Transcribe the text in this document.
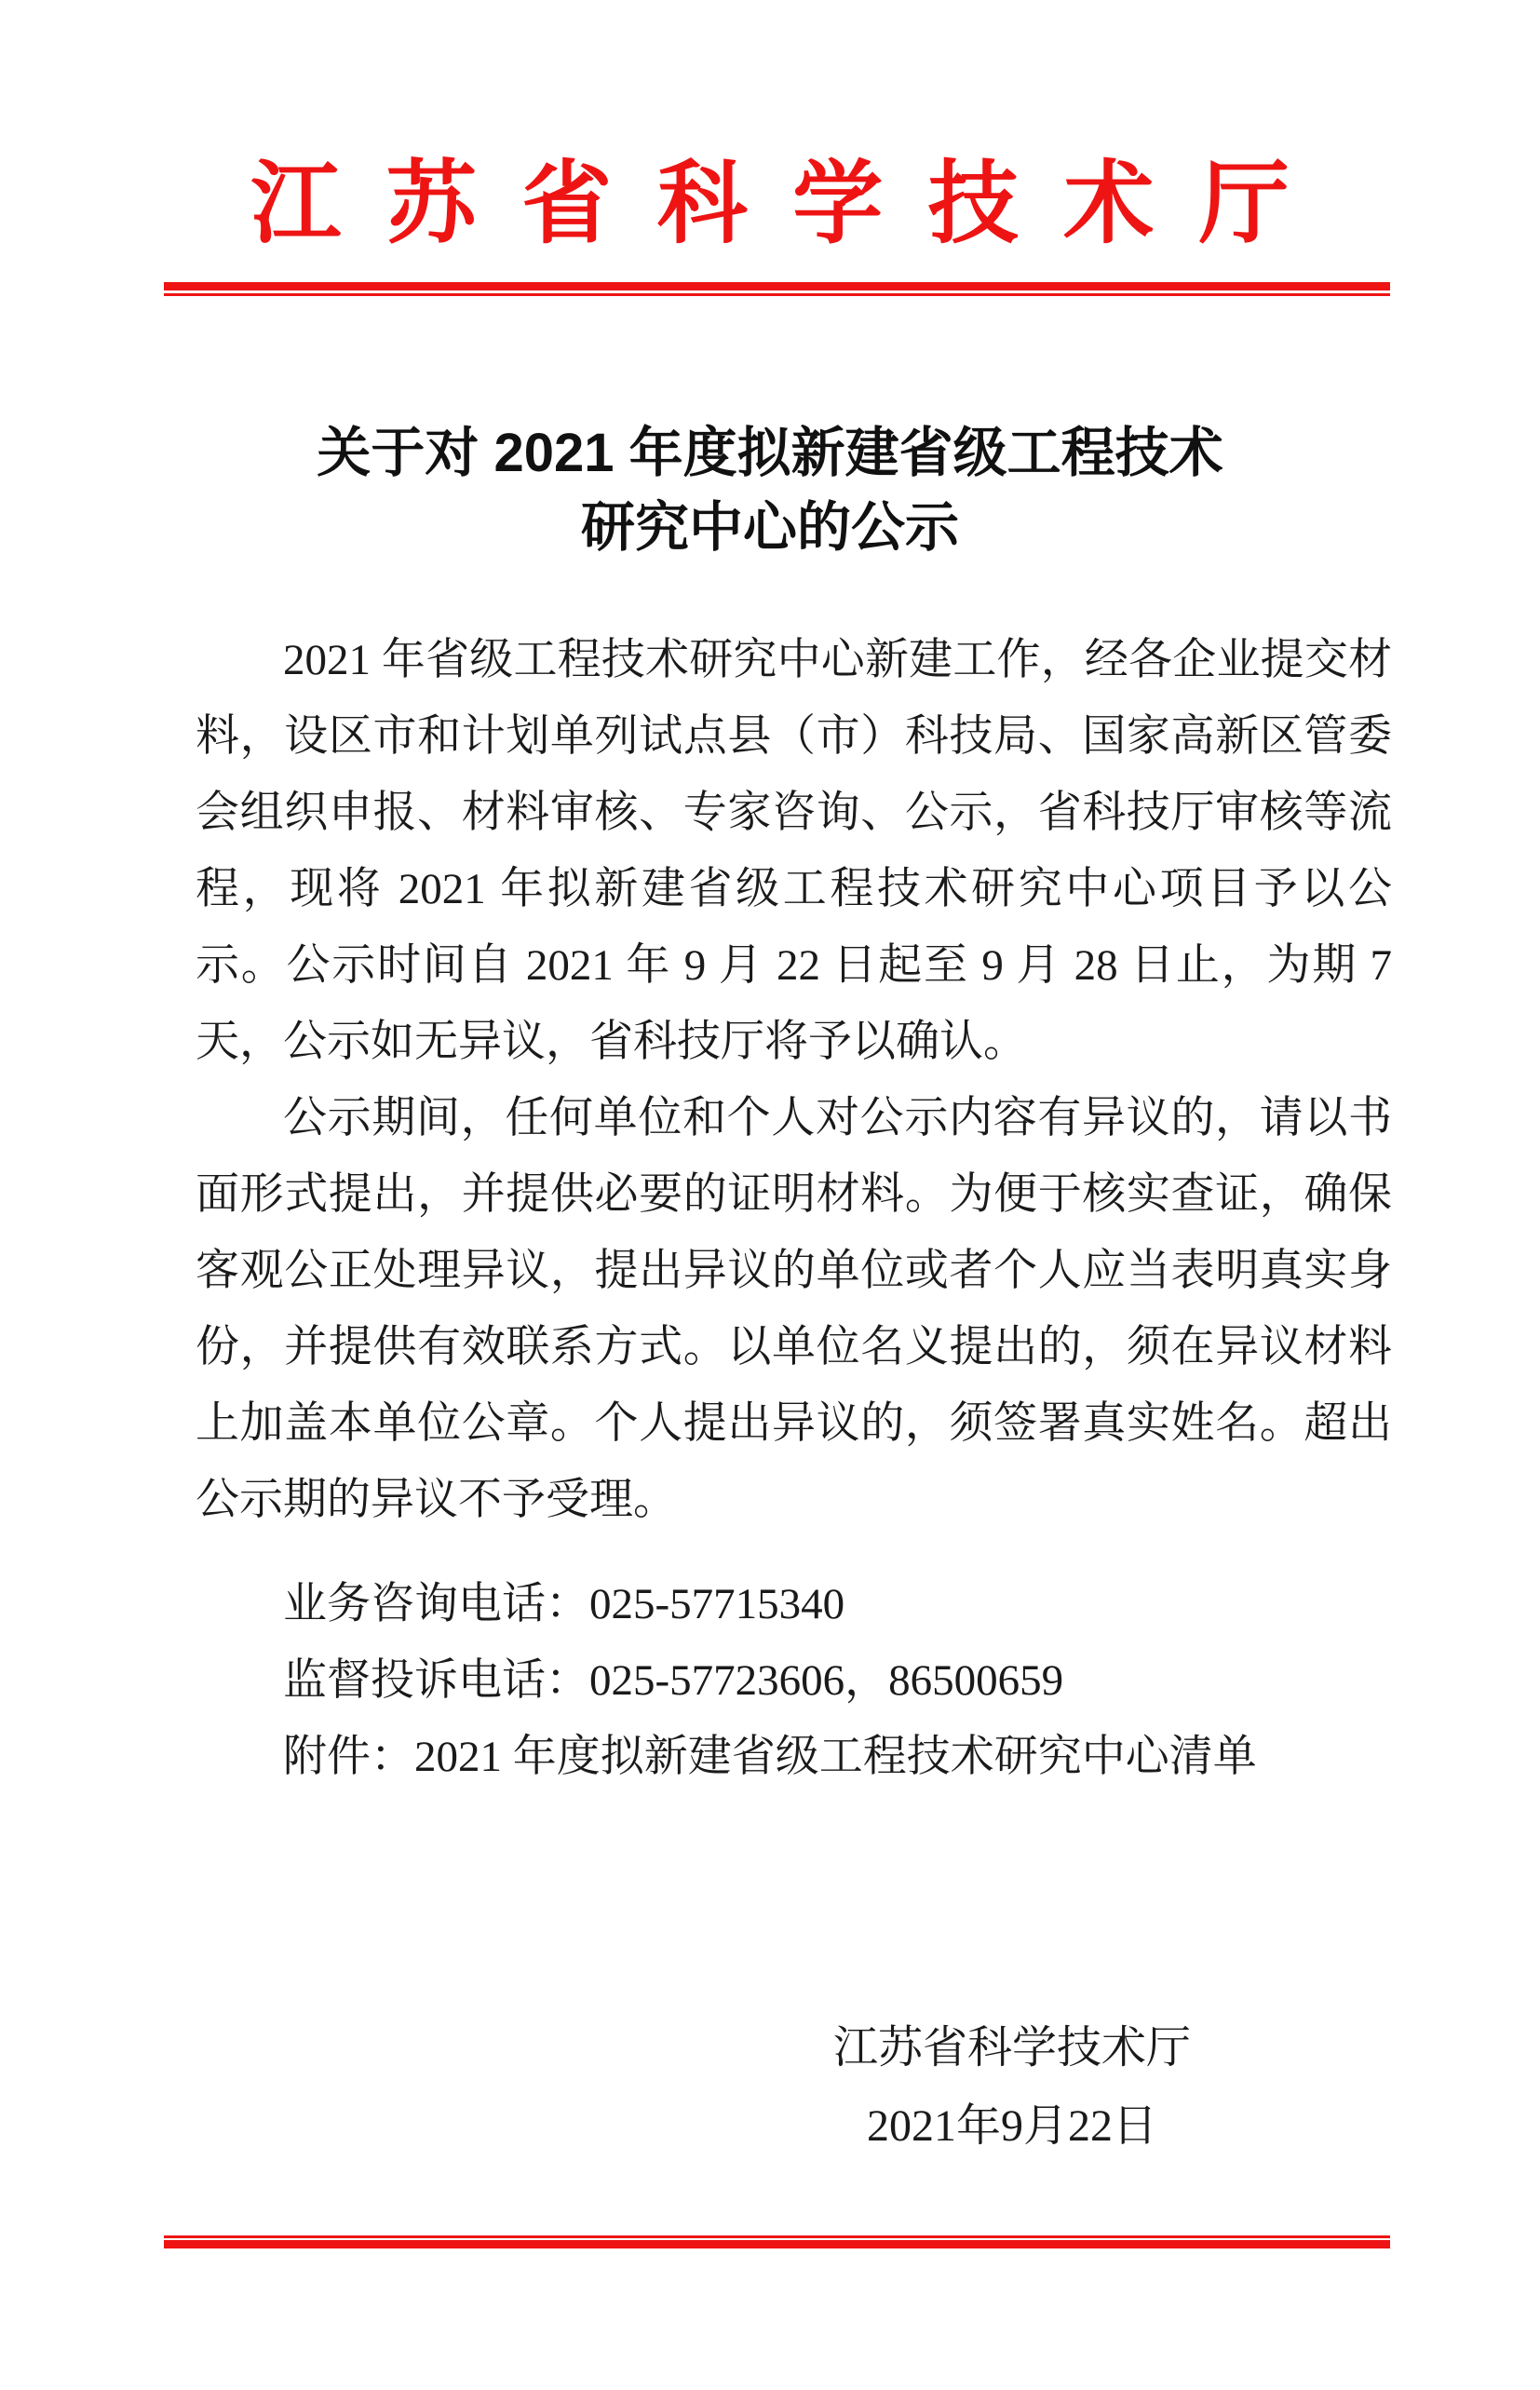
江苏省科学技术厅
关于对 2021 年度拟新建省级工程技术
研究中心的公示

2021 年省级工程技术研究中心新建工作，经各企业提交材料，设区市和计划单列试点县（市）科技局、国家高新区管委会组织申报、材料审核、专家咨询、公示，省科技厅审核等流程，现将 2021 年拟新建省级工程技术研究中心项目予以公示。公示时间自 2021 年 9 月 22 日起至 9 月 28 日止，为期 7 天，公示如无异议，省科技厅将予以确认。

公示期间，任何单位和个人对公示内容有异议的，请以书面形式提出，并提供必要的证明材料。为便于核实查证，确保客观公正处理异议，提出异议的单位或者个人应当表明真实身份，并提供有效联系方式。以单位名义提出的，须在异议材料上加盖本单位公章。个人提出异议的，须签署真实姓名。超出公示期的异议不予受理。

业务咨询电话：025-57715340

监督投诉电话：025-57723606，86500659

附件：2021 年度拟新建省级工程技术研究中心清单

江苏省科学技术厅
2021年9月22日
